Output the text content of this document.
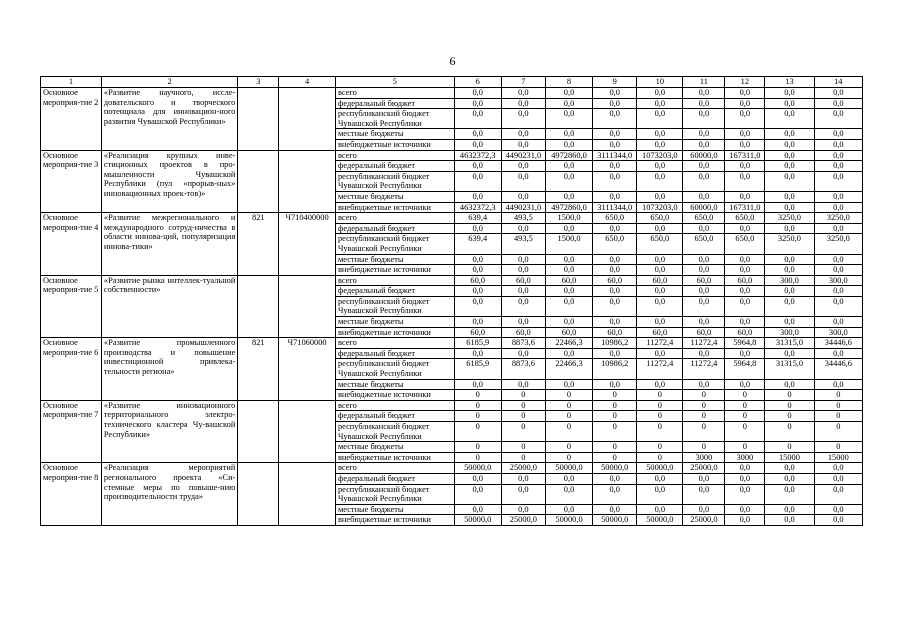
6
1	2	3	4	5	6	7	8	9	10	11	12	13	14
Основное мероприя-тие 2	«Развитие научного, иссле-довательского и творческого потенциала для инновацион-ного развития Чувашской Республики»			всего	0,0	0,0	0,0	0,0	0,0	0,0	0,0	0,0	0,0
				федеральный бюджет	0,0	0,0	0,0	0,0	0,0	0,0	0,0	0,0	0,0
				республиканский бюджет Чувашской Республики	0,0	0,0	0,0	0,0	0,0	0,0	0,0	0,0	0,0
				местные бюджеты	0,0	0,0	0,0	0,0	0,0	0,0	0,0	0,0	0,0
				внебюджетные источники	0,0	0,0	0,0	0,0	0,0	0,0	0,0	0,0	0,0
Основное мероприя-тие 3	«Реализация крупных инве-стиционных проектов в про-мышленности Чувашской Республики (пул «прорыв-ных» инновационных проек-тов)»			всего	4632372,3	4490231,0	4972860,0	3111344,0	1073203,0	60000,0	167311,0	0,0	0,0
				федеральный бюджет	0,0	0,0	0,0	0,0	0,0	0,0	0,0	0,0	0,0
				республиканский бюджет Чувашской Республики	0,0	0,0	0,0	0,0	0,0	0,0	0,0	0,0	0,0
				местные бюджеты	0,0	0,0	0,0	0,0	0,0	0,0	0,0	0,0	0,0
				внебюджетные источники	4632372,3	4490231,0	4972860,0	3111344,0	1073203,0	60000,0	167311,0	0,0	0,0
Основное мероприя-тие 4	«Развитие межрегионального и международного сотруд-ничества в области иннова-ций, популяризация иннова-тики»	821	Ч710400000	всего	639,4	493,5	1500,0	650,0	650,0	650,0	650,0	3250,0	3250,0
				федеральный бюджет	0,0	0,0	0,0	0,0	0,0	0,0	0,0	0,0	0,0
				республиканский бюджет Чувашской Республики	639,4	493,5	1500,0	650,0	650,0	650,0	650,0	3250,0	3250,0
				местные бюджеты	0,0	0,0	0,0	0,0	0,0	0,0	0,0	0,0	0,0
				внебюджетные источники	0,0	0,0	0,0	0,0	0,0	0,0	0,0	0,0	0,0
Основное мероприя-тие 5	«Развитие рынка интеллек-туальной собственности»			всего	60,0	60,0	60,0	60,0	60,0	60,0	60,0	300,0	300,0
				федеральный бюджет	0,0	0,0	0,0	0,0	0,0	0,0	0,0	0,0	0,0
				республиканский бюджет Чувашской Республики	0,0	0,0	0,0	0,0	0,0	0,0	0,0	0,0	0,0
				местные бюджеты	0,0	0,0	0,0	0,0	0,0	0,0	0,0	0,0	0,0
				внебюджетные источники	60,0	60,0	60,0	60,0	60,0	60,0	60,0	300,0	300,0
Основное мероприя-тие 6	«Развитие промышленного производства и повышение инвестиционной привлека-тельности региона»	821	Ч71060000	всего	6185,9	8873,6	22466,3	10986,2	11272,4	11272,4	5964,8	31315,0	34446,6
				федеральный бюджет	0,0	0,0	0,0	0,0	0,0	0,0	0,0	0,0	0,0
				республиканский бюджет Чувашской Республики	6185,9	8873,6	22466,3	10986,2	11272,4	11272,4	5964,8	31315,0	34446,6
				местные бюджеты	0,0	0,0	0,0	0,0	0,0	0,0	0,0	0,0	0,0
				внебюджетные источники	0	0	0	0	0	0	0	0	0
Основное мероприя-тие 7	«Развитие инновационного территориального электро-технического кластера Чу-вашской Республики»			всего	0	0	0	0	0	0	0	0	0
				федеральный бюджет	0	0	0	0	0	0	0	0	0
				республиканский бюджет Чувашской Республики	0	0	0	0	0	0	0	0	0
				местные бюджеты	0	0	0	0	0	0	0	0	0
				внебюджетные источники	0	0	0	0	0	3000	3000	15000	15000
Основное мероприя-тие 8	«Реализация мероприятий регионального проекта «Си-стемные меры по повыше-нию производительности труда»			всего	50000,0	25000,0	50000,0	50000,0	50000,0	25000,0	0,0	0,0	0,0
				федеральный бюджет	0,0	0,0	0,0	0,0	0,0	0,0	0,0	0,0	0,0
				республиканский бюджет Чувашской Республики	0,0	0,0	0,0	0,0	0,0	0,0	0,0	0,0	0,0
				местные бюджеты	0,0	0,0	0,0	0,0	0,0	0,0	0,0	0,0	0,0
				внебюджетные источники	50000,0	25000,0	50000,0	50000,0	50000,0	25000,0	0,0	0,0	0,0
